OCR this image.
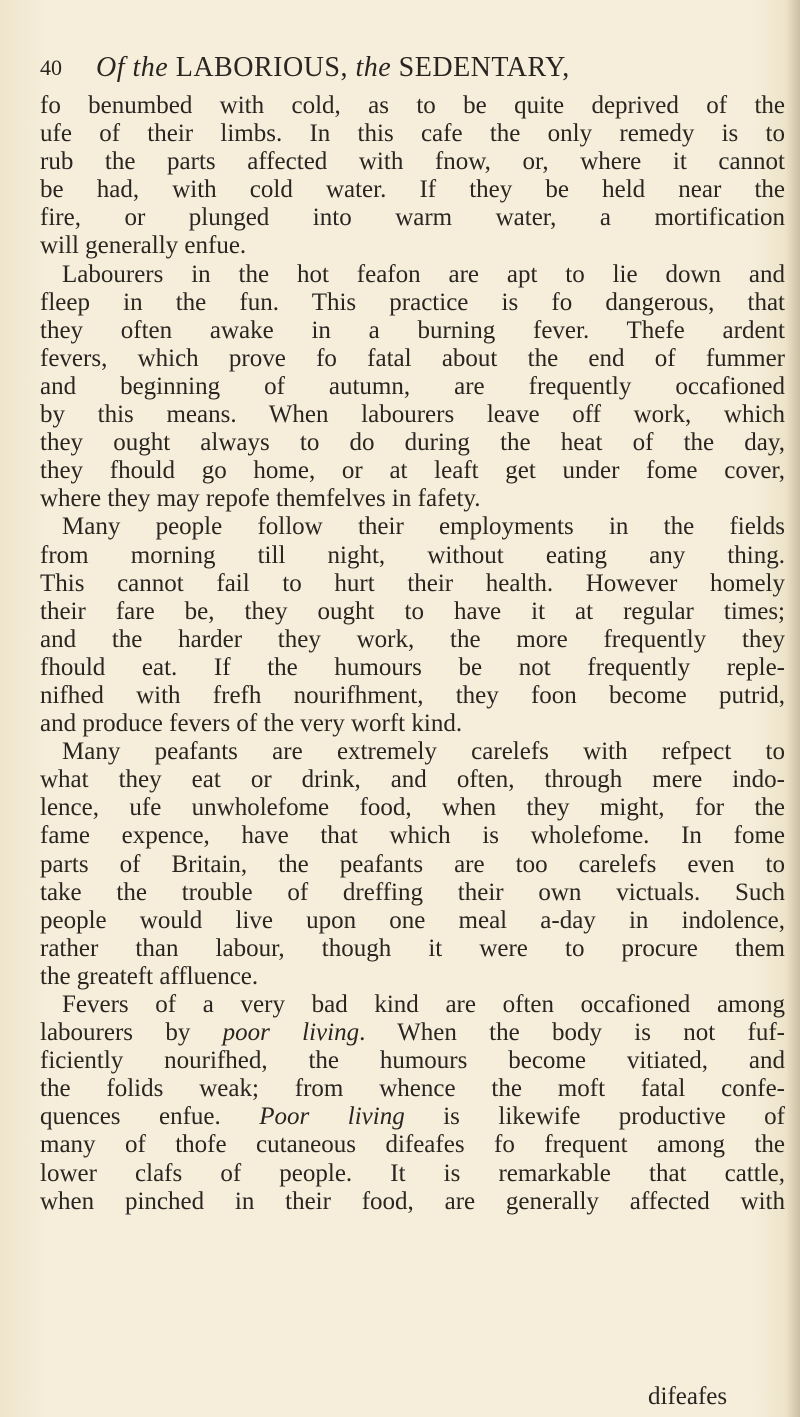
40 Of the LABORIOUS, the SEDENTARY,
fo benumbed with cold, as to be quite deprived of the
ufe of their limbs. In this cafe the only remedy is to
rub the parts affected with fnow, or, where it cannot
be had, with cold water. If they be held near the
fire, or plunged into warm water, a mortification
will generally enfue.
Labourers in the hot feafon are apt to lie down and
fleep in the fun. This practice is fo dangerous, that
they often awake in a burning fever. Thefe ardent
fevers, which prove fo fatal about the end of fummer
and beginning of autumn, are frequently occafioned
by this means. When labourers leave off work, which
they ought always to do during the heat of the day,
they fhould go home, or at leaft get under fome cover,
where they may repofe themfelves in fafety.
Many people follow their employments in the fields
from morning till night, without eating any thing.
This cannot fail to hurt their health. However homely
their fare be, they ought to have it at regular times;
and the harder they work, the more frequently they
fhould eat. If the humours be not frequently reple-
nifhed with frefh nourifhment, they foon become putrid,
and produce fevers of the very worft kind.
Many peafants are extremely carelefs with refpect to
what they eat or drink, and often, through mere indo-
lence, ufe unwholefome food, when they might, for the
fame expence, have that which is wholefome. In fome
parts of Britain, the peafants are too carelefs even to
take the trouble of dreffing their own victuals. Such
people would live upon one meal a-day in indolence,
rather than labour, though it were to procure them
the greateft affluence.
Fevers of a very bad kind are often occafioned among
labourers by poor living. When the body is not fuf-
ficiently nourifhed, the humours become vitiated, and
the folids weak; from whence the moft fatal confe-
quences enfue. Poor living is likewife productive of
many of thofe cutaneous difeafes fo frequent among the
lower clafs of people. It is remarkable that cattle,
when pinched in their food, are generally affected with
difeafes
